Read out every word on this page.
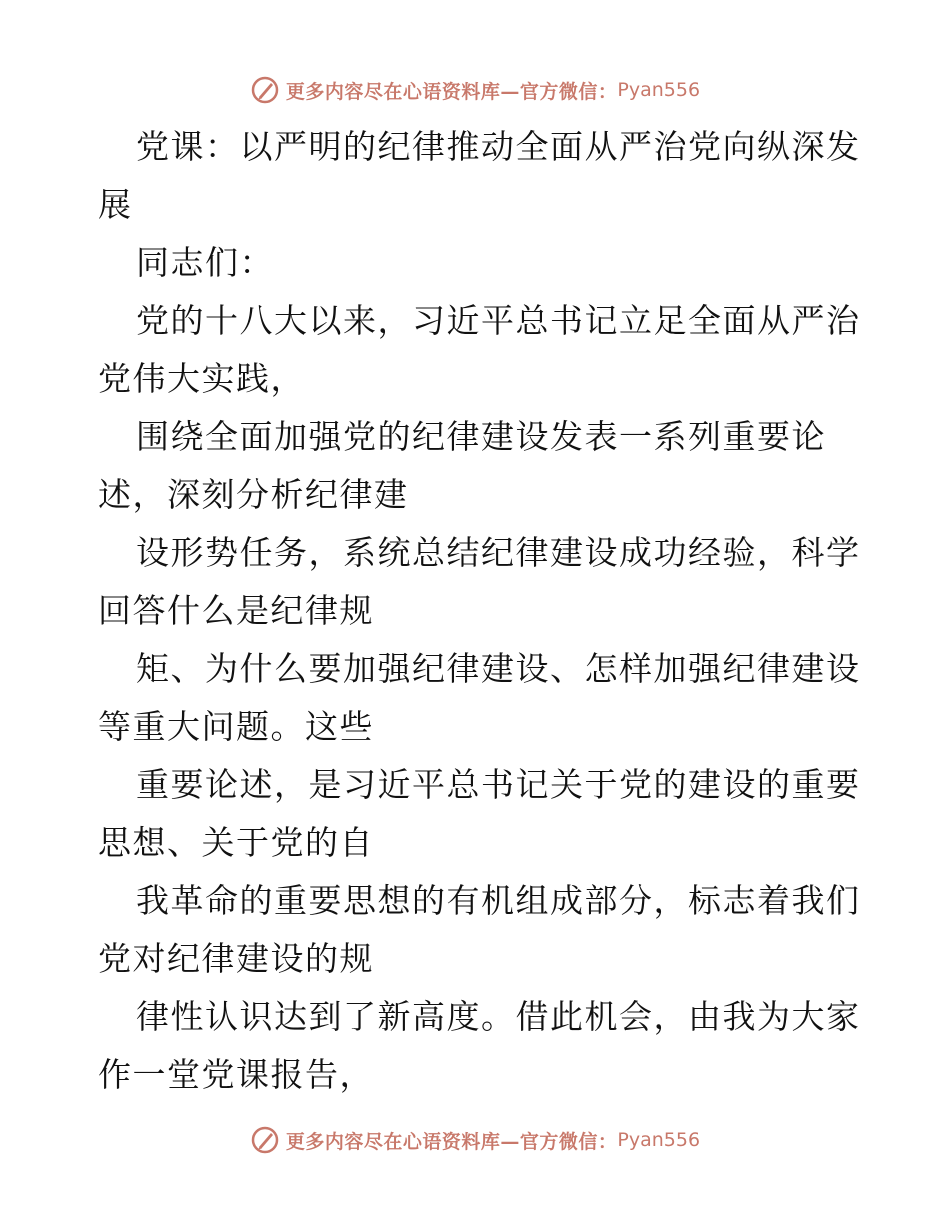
更多内容尽在心语资料库—官方微信： Pyan556
党课：以严明的纪律推动全面从严治党向纵深发
展
同志们：
党的十八大以来，习近平总书记立足全面从严治
党伟大实践，
围绕全面加强党的纪律建设发表一系列重要论
述，深刻分析纪律建
设形势任务，系统总结纪律建设成功经验，科学
回答什么是纪律规
矩、为什么要加强纪律建设、怎样加强纪律建设
等重大问题。这些
重要论述，是习近平总书记关于党的建设的重要
思想、关于党的自
我革命的重要思想的有机组成部分，标志着我们
党对纪律建设的规
律性认识达到了新高度。借此机会，由我为大家
作一堂党课报告，
更多内容尽在心语资料库—官方微信： Pyan556
